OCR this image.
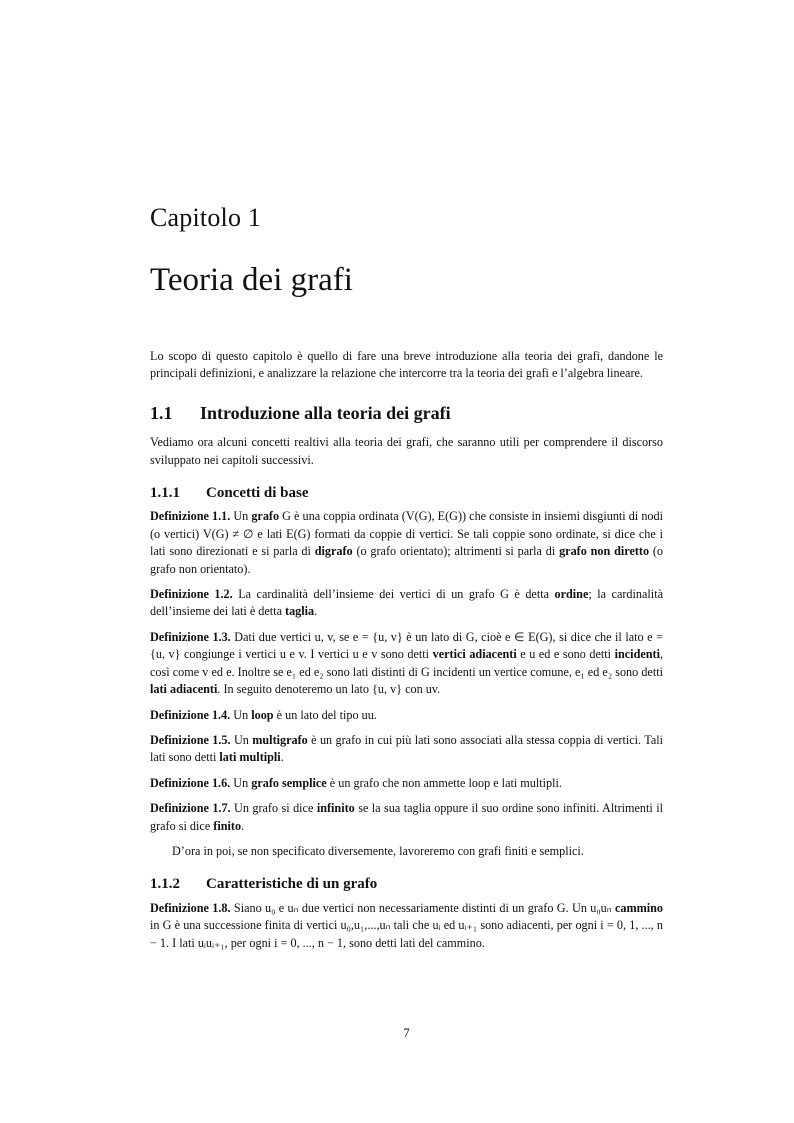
Capitolo 1
Teoria dei grafi

Lo scopo di questo capitolo è quello di fare una breve introduzione alla teoria dei grafi, dandone le principali definizioni, e analizzare la relazione che intercorre tra la teoria dei grafi e l’algebra lineare.

1.1 Introduzione alla teoria dei grafi

Vediamo ora alcuni concetti realtivi alla teoria dei grafi, che saranno utili per comprendere il discorso sviluppato nei capitoli successivi.

1.1.1 Concetti di base

Definizione 1.1. Un grafo G è una coppia ordinata (V(G), E(G)) che consiste in insiemi disgiunti di nodi (o vertici) V(G) ≠ ∅ e lati E(G) formati da coppie di vertici. Se tali coppie sono ordinate, si dice che i lati sono direzionati e si parla di digrafo (o grafo orientato); altrimenti si parla di grafo non diretto (o grafo non orientato).

Definizione 1.2. La cardinalità dell’insieme dei vertici di un grafo G è detta ordine; la cardinalità dell’insieme dei lati è detta taglia.

Definizione 1.3. Dati due vertici u, v, se e = {u, v} è un lato di G, cioè e ∈ E(G), si dice che il lato e = {u, v} congiunge i vertici u e v. I vertici u e v sono detti vertici adiacenti e u ed e sono detti incidenti, così come v ed e. Inoltre se e₁ ed e₂ sono lati distinti di G incidenti un vertice comune, e₁ ed e₂ sono detti lati adiacenti. In seguito denoteremo un lato {u, v} con uv.

Definizione 1.4. Un loop è un lato del tipo uu.

Definizione 1.5. Un multigrafo è un grafo in cui più lati sono associati alla stessa coppia di vertici. Tali lati sono detti lati multipli.

Definizione 1.6. Un grafo semplice è un grafo che non ammette loop e lati multipli.

Definizione 1.7. Un grafo si dice infinito se la sua taglia oppure il suo ordine sono infiniti. Altrimenti il grafo si dice finito.

D’ora in poi, se non specificato diversemente, lavoreremo con grafi finiti e semplici.

1.1.2 Caratteristiche di un grafo

Definizione 1.8. Siano u₀ e uₙ due vertici non necessariamente distinti di un grafo G. Un u₀uₙ cammino in G è una successione finita di vertici u₀,u₁,...,uₙ tali che uᵢ ed uᵢ₊₁ sono adiacenti, per ogni i = 0, 1, ..., n − 1. I lati uᵢuᵢ₊₁, per ogni i = 0, ..., n − 1, sono detti lati del cammino.

7
